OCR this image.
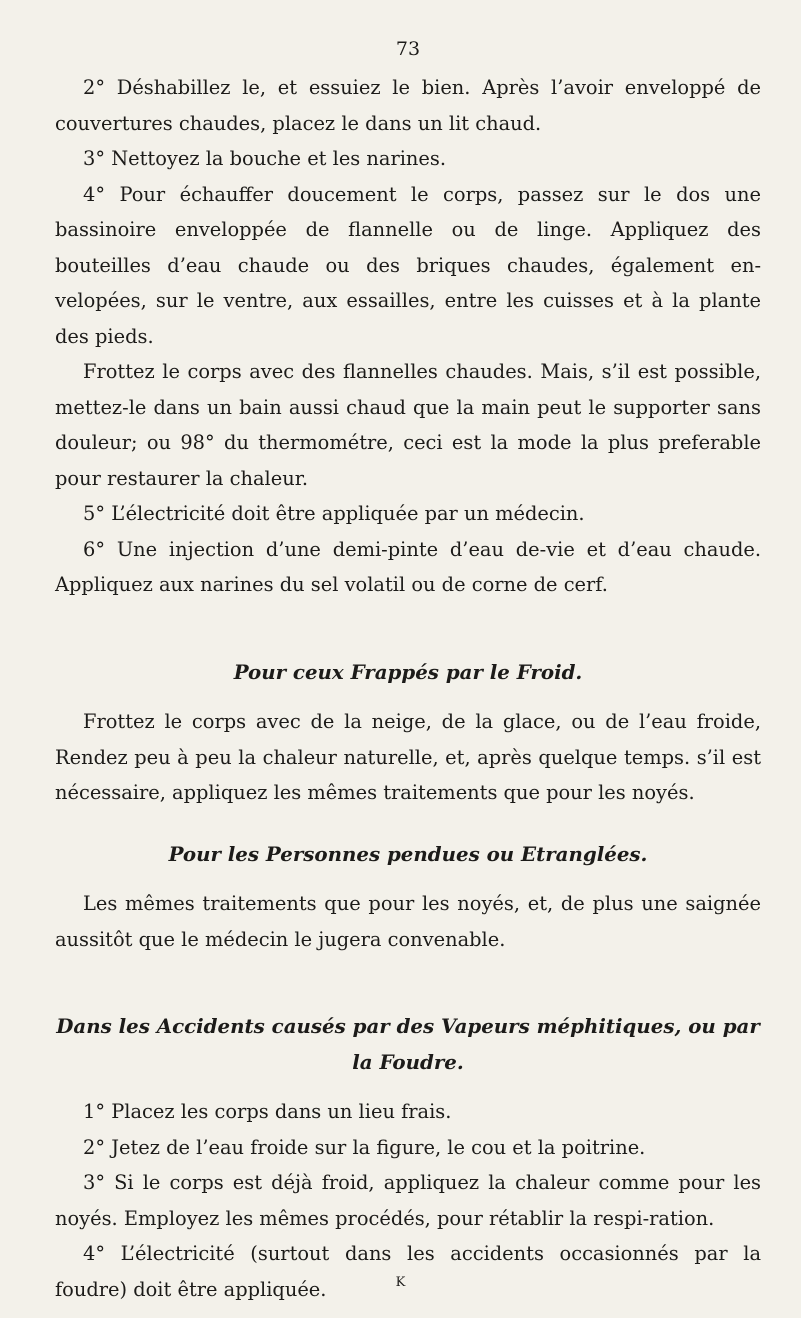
73

2° Déshabillez le, et essuiez le bien. Après l’avoir enveloppé de couvertures chaudes, placez le dans un lit chaud.

3° Nettoyez la bouche et les narines.

4° Pour échauffer doucement le corps, passez sur le dos une bassinoire enveloppée de flannelle ou de linge. Appliquez des bouteilles d’eau chaude ou des briques chaudes, également en-velopées, sur le ventre, aux essailles, entre les cuisses et à la plante des pieds.

Frottez le corps avec des flannelles chaudes. Mais, s’il est possible, mettez-le dans un bain aussi chaud que la main peut le supporter sans douleur; ou 98° du thermométre, ceci est la mode la plus preferable pour restaurer la chaleur.

5° L’électricité doit être appliquée par un médecin.

6° Une injection d’une demi-pinte d’eau de-vie et d’eau chaude. Appliquez aux narines du sel volatil ou de corne de cerf.

Pour ceux Frappés par le Froid.

Frottez le corps avec de la neige, de la glace, ou de l’eau froide, Rendez peu à peu la chaleur naturelle, et, après quelque temps. s’il est nécessaire, appliquez les mêmes traitements que pour les noyés.

Pour les Personnes pendues ou Etranglées.

Les mêmes traitements que pour les noyés, et, de plus une saignée aussitôt que le médecin le jugera convenable.

Dans les Accidents causés par des Vapeurs méphitiques, ou par la Foudre.

1° Placez les corps dans un lieu frais.

2° Jetez de l’eau froide sur la figure, le cou et la poitrine.

3° Si le corps est déjà froid, appliquez la chaleur comme pour les noyés. Employez les mêmes procédés, pour rétablir la respi-ration.

4° L’électricité (surtout dans les accidents occasionnés par la foudre) doit être appliquée.	K
